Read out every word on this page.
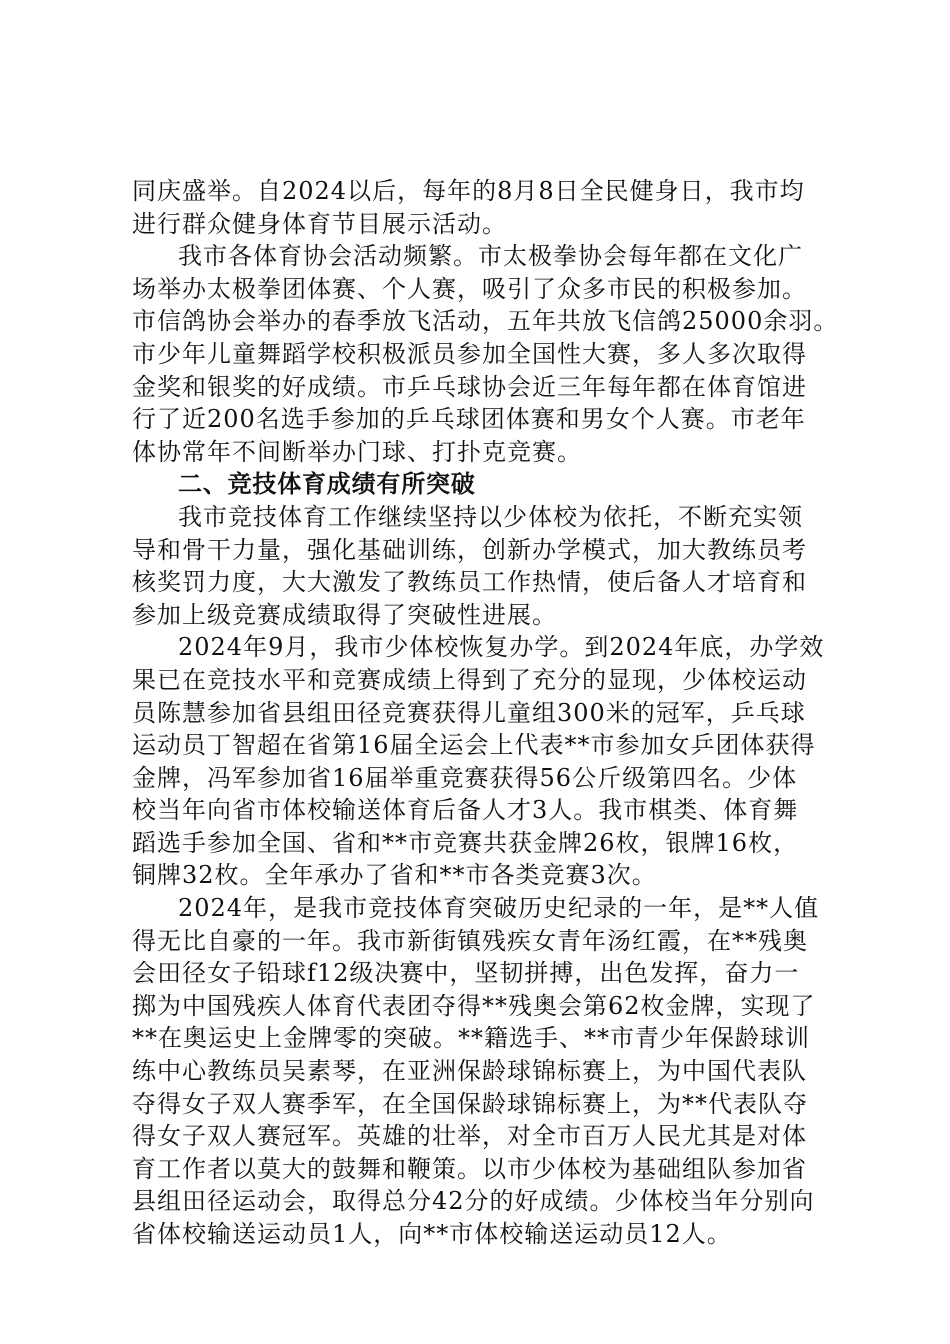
同庆盛举。自2024以后，每年的8月8日全民健身日，我市均
进行群众健身体育节目展示活动。
我市各体育协会活动频繁。市太极拳协会每年都在文化广
场举办太极拳团体赛、个人赛，吸引了众多市民的积极参加。
市信鸽协会举办的春季放飞活动，五年共放飞信鸽25000余羽。
市少年儿童舞蹈学校积极派员参加全国性大赛，多人多次取得
金奖和银奖的好成绩。市乒乓球协会近三年每年都在体育馆进
行了近200名选手参加的乒乓球团体赛和男女个人赛。市老年
体协常年不间断举办门球、打扑克竞赛。
二、竞技体育成绩有所突破
我市竞技体育工作继续坚持以少体校为依托，不断充实领
导和骨干力量，强化基础训练，创新办学模式，加大教练员考
核奖罚力度，大大激发了教练员工作热情，使后备人才培育和
参加上级竞赛成绩取得了突破性进展。
2024年9月，我市少体校恢复办学。到2024年底，办学效
果已在竞技水平和竞赛成绩上得到了充分的显现，少体校运动
员陈慧参加省县组田径竞赛获得儿童组300米的冠军，乒乓球
运动员丁智超在省第16届全运会上代表**市参加女乒团体获得
金牌，冯军参加省16届举重竞赛获得56公斤级第四名。少体
校当年向省市体校输送体育后备人才3人。我市棋类、体育舞
蹈选手参加全国、省和**市竞赛共获金牌26枚，银牌16枚，
铜牌32枚。全年承办了省和**市各类竞赛3次。
2024年，是我市竞技体育突破历史纪录的一年，是**人值
得无比自豪的一年。我市新街镇残疾女青年汤红霞，在**残奥
会田径女子铅球f12级决赛中，坚韧拼搏，出色发挥，奋力一
掷为中国残疾人体育代表团夺得**残奥会第62枚金牌，实现了
**在奥运史上金牌零的突破。**籍选手、**市青少年保龄球训
练中心教练员吴素琴，在亚洲保龄球锦标赛上，为中国代表队
夺得女子双人赛季军，在全国保龄球锦标赛上，为**代表队夺
得女子双人赛冠军。英雄的壮举，对全市百万人民尤其是对体
育工作者以莫大的鼓舞和鞭策。以市少体校为基础组队参加省
县组田径运动会，取得总分42分的好成绩。少体校当年分别向
省体校输送运动员1人，向**市体校输送运动员12人。
